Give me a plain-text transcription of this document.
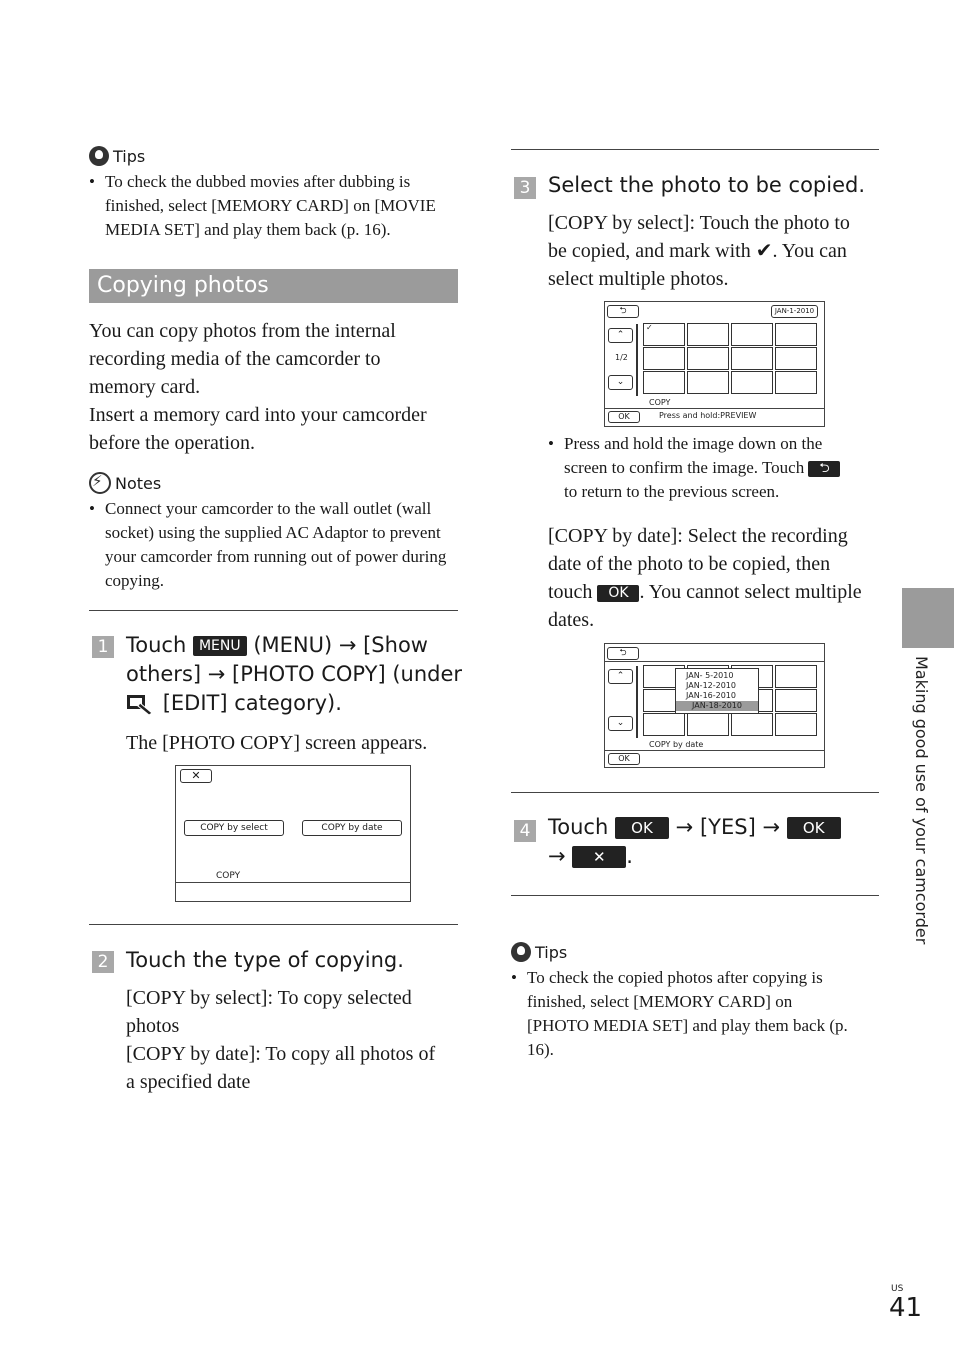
Tips
• To check the dubbed movies after dubbing is finished, select [MEMORY CARD] on [MOVIE MEDIA SET] and play them back (p. 16).
Copying photos
You can copy photos from the internal
recording media of the camcorder to
memory card.
Insert a memory card into your camcorder
before the operation.
⚡
Notes
• Connect your camcorder to the wall outlet (wall socket) using the supplied AC Adaptor to prevent your camcorder from running out of power during copying.
1 Touch MENU (MENU) → [Show
others] → [PHOTO COPY] (under
[EDIT] category).
The [PHOTO COPY] screen appears.
✕
COPY by select	COPY by date
COPY
2 Touch the type of copying.
[COPY by select]: To copy selected
photos
[COPY by date]: To copy all photos of
a specified date
3 Select the photo to be copied.
[COPY by select]: Touch the photo to
be copied, and mark with ✔. You can
select multiple photos.
⮌	JAN-1-2010
⌃
1/2
⌄
✓
COPY
OK	Press and hold:PREVIEW
• Press and hold the image down on the
screen to confirm the image. Touch ⮌
to return to the previous screen.
[COPY by date]: Select the recording
date of the photo to be copied, then
touch OK . You cannot select multiple
dates.
⮌
⌃
⌄
JAN- 5-2010
JAN-12-2010
JAN-16-2010
JAN-18-2010
COPY by date
OK
4 Touch OK → [YES] → OK
→ ✕ .
Tips
• To check the copied photos after copying is finished, select [MEMORY CARD] on [PHOTO MEDIA SET] and play them back (p. 16).
Making good use of your camcorder
US
41
